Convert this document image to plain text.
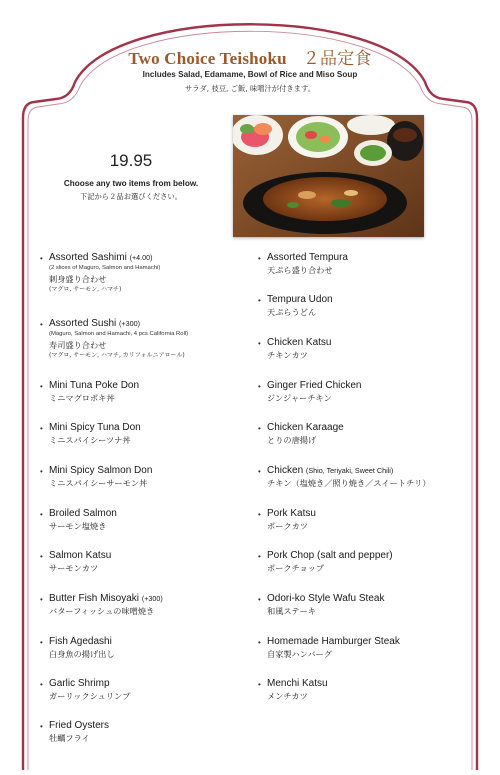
Two Choice Teishoku ２品定食
Includes Salad, Edamame, Bowl of Rice and Miso Soup
サラダ, 枝豆, ご飯, 味噌汁が付きます。
19.95
Choose any two items from below.
下記から２品お選びください。
• Assorted Sashimi (+4.00)
(2 slices of Maguro, Salmon and Hamachi)
刺身盛り合わせ
(マグロ, サーモン, ハマチ)
• Assorted Sushi (+300)
(Maguro, Salmon and Hamachi, 4 pcs California Roll)
寿司盛り合わせ
(マグロ, サーモン, ハマチ, カリフォルニアロール)
• Mini Tuna Poke Don
ミニマグロポキ丼
• Mini Spicy Tuna Don
ミニスパイシーツナ丼
• Mini Spicy Salmon Don
ミニスパイシーサーモン丼
• Broiled Salmon
サーモン塩焼き
• Salmon Katsu
サーモンカツ
• Butter Fish Misoyaki (+300)
バターフィッシュの味噌焼き
• Fish Agedashi
白身魚の揚げ出し
• Garlic Shrimp
ガーリックシュリンプ
• Fried Oysters
牡蠣フライ
• Assorted Tempura
天ぷら盛り合わせ
• Tempura Udon
天ぷらうどん
• Chicken Katsu
チキンカツ
• Ginger Fried Chicken
ジンジャーチキン
• Chicken Karaage
とりの唐揚げ
• Chicken (Shio, Teriyaki, Sweet Chili)
チキン（塩焼き／照り焼き／スイートチリ）
• Pork Katsu
ポークカツ
• Pork Chop (salt and pepper)
ポークチョップ
• Odori-ko Style Wafu Steak
和風ステーキ
• Homemade Hamburger Steak
自家製ハンバーグ
• Menchi Katsu
メンチカツ
